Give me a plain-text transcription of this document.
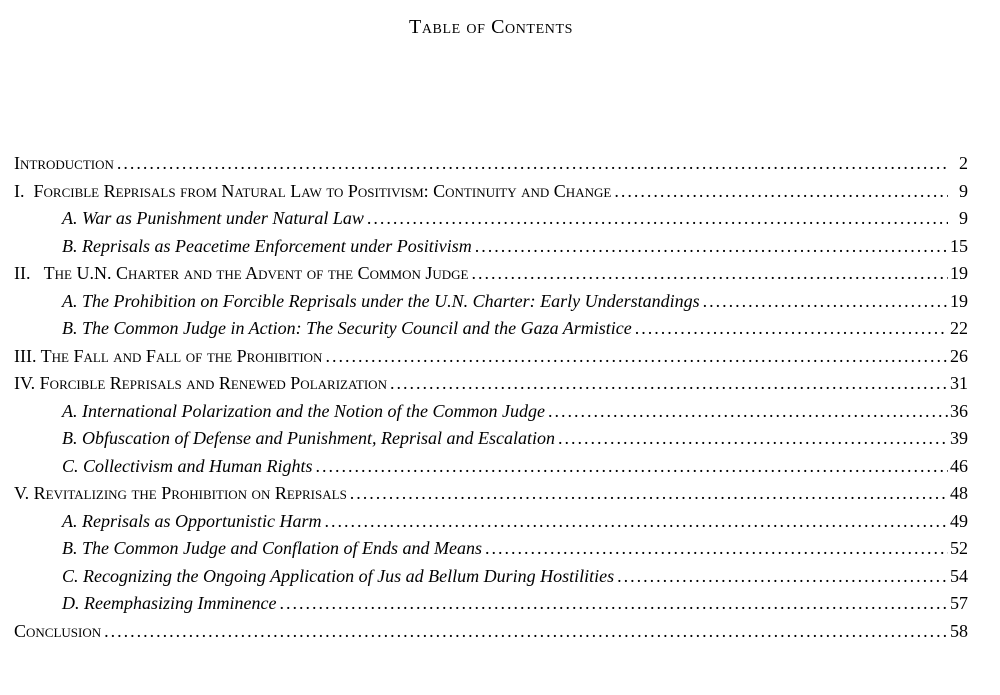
Table of Contents
Introduction .....	2
I.  Forcible Reprisals from Natural Law to Positivism: Continuity and Change .....	9
A. War as Punishment under Natural Law .....	9
B. Reprisals as Peacetime Enforcement under Positivism .....	15
II.   The U.N. Charter and the Advent of the Common Judge .....	19
A. The Prohibition on Forcible Reprisals under the U.N. Charter: Early Understandings .....	19
B. The Common Judge in Action: The Security Council and the Gaza Armistice .....	22
III. The Fall and Fall of the Prohibition .....	26
IV. Forcible Reprisals and Renewed Polarization .....	31
A. International Polarization and the Notion of the Common Judge .....	36
B. Obfuscation of Defense and Punishment, Reprisal and Escalation .....	39
C. Collectivism and Human Rights .....	46
V. Revitalizing the Prohibition on Reprisals .....	48
A. Reprisals as Opportunistic Harm .....	49
B. The Common Judge and Conflation of Ends and Means .....	52
C. Recognizing the Ongoing Application of Jus ad Bellum During Hostilities .....	54
D. Reemphasizing Imminence .....	57
Conclusion .....	58
